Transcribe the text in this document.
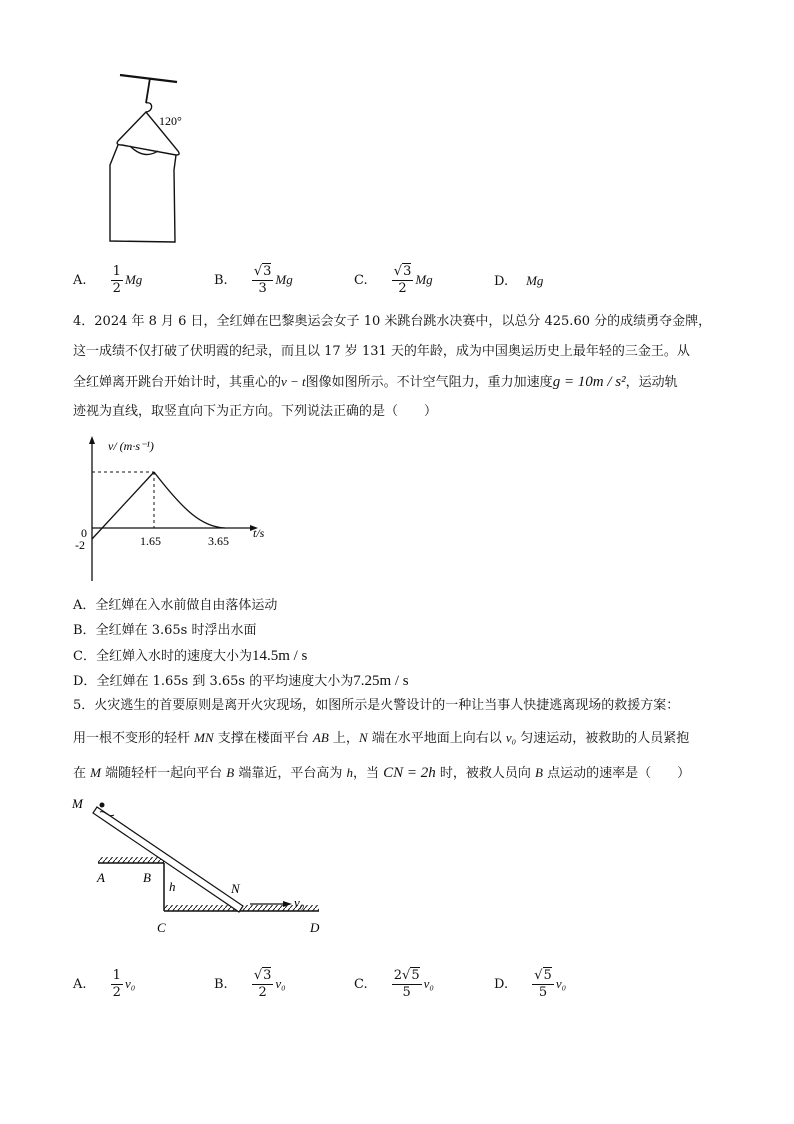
120°
A. $\frac{1}{2}$ Mg	B. $\frac{√3}{3}$ Mg	C. $\frac{√3}{2}$ Mg	D. Mg
4．2024 年 8 月 6 日，全红婵在巴黎奥运会女子 10 米跳台跳水决赛中，以总分 425.60 分的成绩勇夺金牌，
这一成绩不仅打破了伏明霞的纪录，而且以 17 岁 131 天的年龄，成为中国奥运历史上最年轻的三金王。从
全红婵离开跳台开始计时，其重心的v − t图像如图所示。不计空气阻力，重力加速度g = 10m / s²，运动轨
迹视为直线，取竖直向下为正方向。下列说法正确的是（　　）
v/ (m·s⁻¹)
t/s
0
-2	1.65	3.65
A．全红婵在入水前做自由落体运动
B．全红婵在 3.65s 时浮出水面
C．全红婵入水时的速度大小为14.5m / s
D．全红婵在 1.65s 到 3.65s 的平均速度大小为7.25m / s
5．火灾逃生的首要原则是离开火灾现场，如图所示是火警设计的一种让当事人快捷逃离现场的救援方案：
用一根不变形的轻杆 MN 支撑在楼面平台 AB 上，N 端在水平地面上向右以 v₀ 匀速运动，被救助的人员紧抱
在 M 端随轻杆一起向平台 B 端靠近，平台高为 h，当 CN = 2h 时，被救人员向 B 点运动的速率是（　　）
M
A	B
h	N
v₀
C	D
A. $\frac{1}{2} v_0$	B. $\frac{√3}{2} v_0$	C. $\frac{2√5}{5} v_0$	D. $\frac{√5}{5} v_0$
